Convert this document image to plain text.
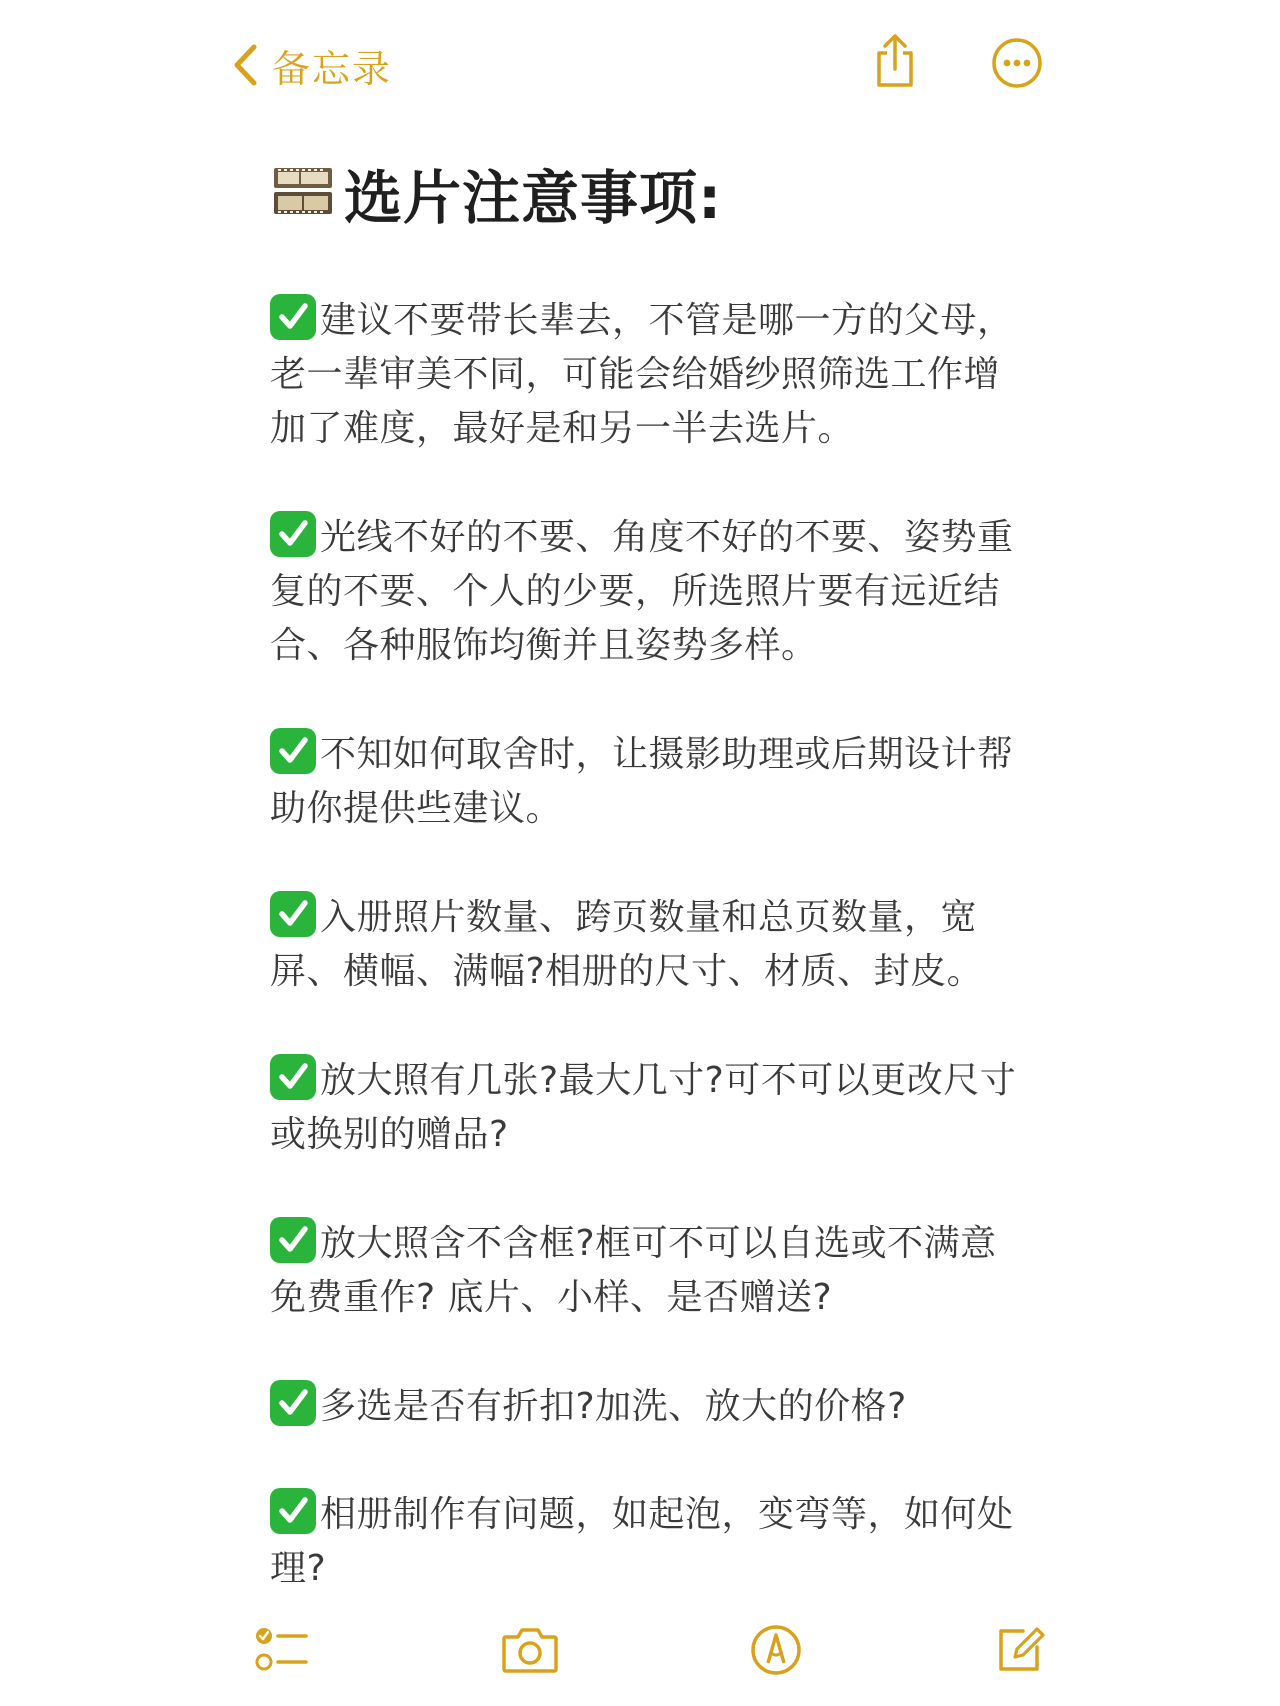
备忘录
选片注意事项:

建议不要带长辈去，不管是哪一方的父母，老一辈审美不同，可能会给婚纱照筛选工作增加了难度，最好是和另一半去选片。

光线不好的不要、角度不好的不要、姿势重复的不要、个人的少要，所选照片要有远近结合、各种服饰均衡并且姿势多样。

不知如何取舍时，让摄影助理或后期设计帮助你提供些建议。

入册照片数量、跨页数量和总页数量，宽屏、横幅、满幅?相册的尺寸、材质、封皮。

放大照有几张?最大几寸?可不可以更改尺寸或换别的赠品?

放大照含不含框?框可不可以自选或不满意免费重作? 底片、小样、是否赠送?

多选是否有折扣?加洗、放大的价格?

相册制作有问题，如起泡，变弯等，如何处理?
